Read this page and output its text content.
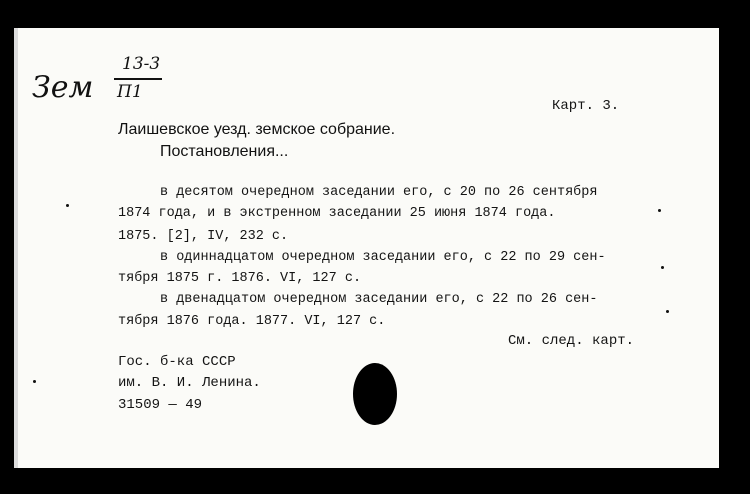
Зем
13-3
П1
Карт. 3.
Лаишевское уезд. земское собрание.
Постановления...
в десятом очередном заседании его, с 20 по 26 сентября
1874 года, и в экстренном заседании 25 июня 1874 года.
1875. [2], IV, 232 с.
в одиннадцатом очередном заседании его, с 22 по 29 сен-
тября 1875 г. 1876. VI, 127 с.
в двенадцатом очередном заседании его, с 22 по 26 сен-
тября 1876 года. 1877. VI, 127 с.
См. след. карт.
Гос. б-ка СССР
им. В. И. Ленина.
31509 — 49
